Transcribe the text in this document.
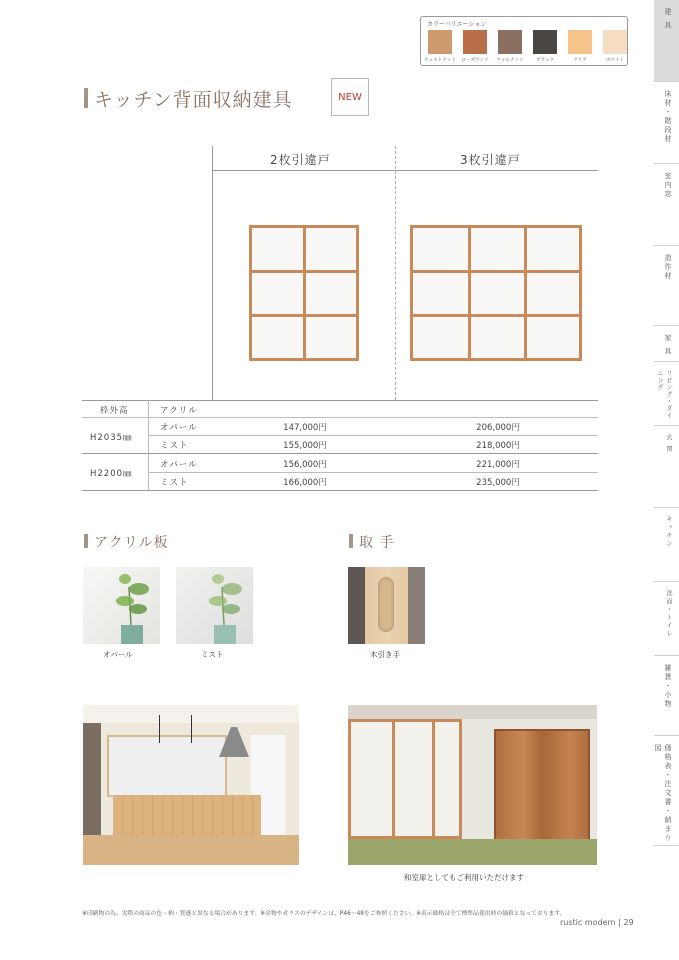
カラーバリエーション
チェストナット ローズウッド ウォルナット	ブラック	クリア	ホワイト
キッチン背面収納建具	NEW
2枚引違戸	3枚引違戸
枠外高	アクリル
H2035㎜
オパール	147,000円	206,000円
ミスト	155,000円	218,000円
H2200㎜
オパール	156,000円	221,000円
ミスト	166,000円	235,000円
アクリル板
オパール	ミスト
取 手
木引き手
和室扉としてもご利用いただけます
※印刷物の為、実際の商品の色・柄・質感と異なる場合があります。※金物やガラスのデザインは、P46〜48をご参照ください。※表示価格は全て標準品使用時の価格となっております。
rustic modern | 29
建 具
床材・階段材
室内窓
造作材
家 具
リビング・ダイニング
玄 関
キッチン
洗面・トイレ
雑貨・小物
価格表・注文書・納まり図
